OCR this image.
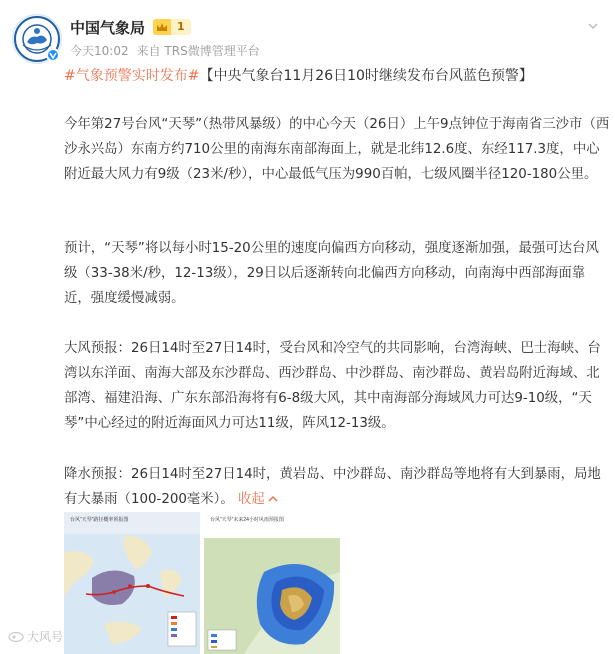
中国气象局	1
今天10:02 来自 TRS微博管理平台
#气象预警实时发布#【中央气象台11月26日10时继续发布台风蓝色预警】
今年第27号台风“天琴”（热带风暴级）的中心今天（26日）上午9点钟位于海南省三沙市（西沙永兴岛）东南方约710公里的南海东南部海面上，就是北纬12.6度、东经117.3度，中心附近最大风力有9级（23米/秒），中心最低气压为990百帕，七级风圈半径120-180公里。
预计，“天琴”将以每小时15-20公里的速度向偏西方向移动，强度逐渐加强，最强可达台风级（33-38米/秒，12-13级），29日以后逐渐转向北偏西方向移动，向南海中西部海面靠近，强度缓慢减弱。
大风预报：26日14时至27日14时，受台风和冷空气的共同影响，台湾海峡、巴士海峡、台湾以东洋面、南海大部及东沙群岛、西沙群岛、中沙群岛、南沙群岛、黄岩岛附近海域、北部湾、福建沿海、广东东部沿海将有6-8级大风，其中南海部分海域风力可达9-10级，“天琴”中心经过的附近海面风力可达11级，阵风12-13级。
降水预报：26日14时至27日14时，黄岩岛、中沙群岛、南沙群岛等地将有大到暴雨，局地有大暴雨（100-200毫米）。 收起
台风“天琴”路径概率预报图	台风“天琴”未来24小时风雨预报图
大风号
